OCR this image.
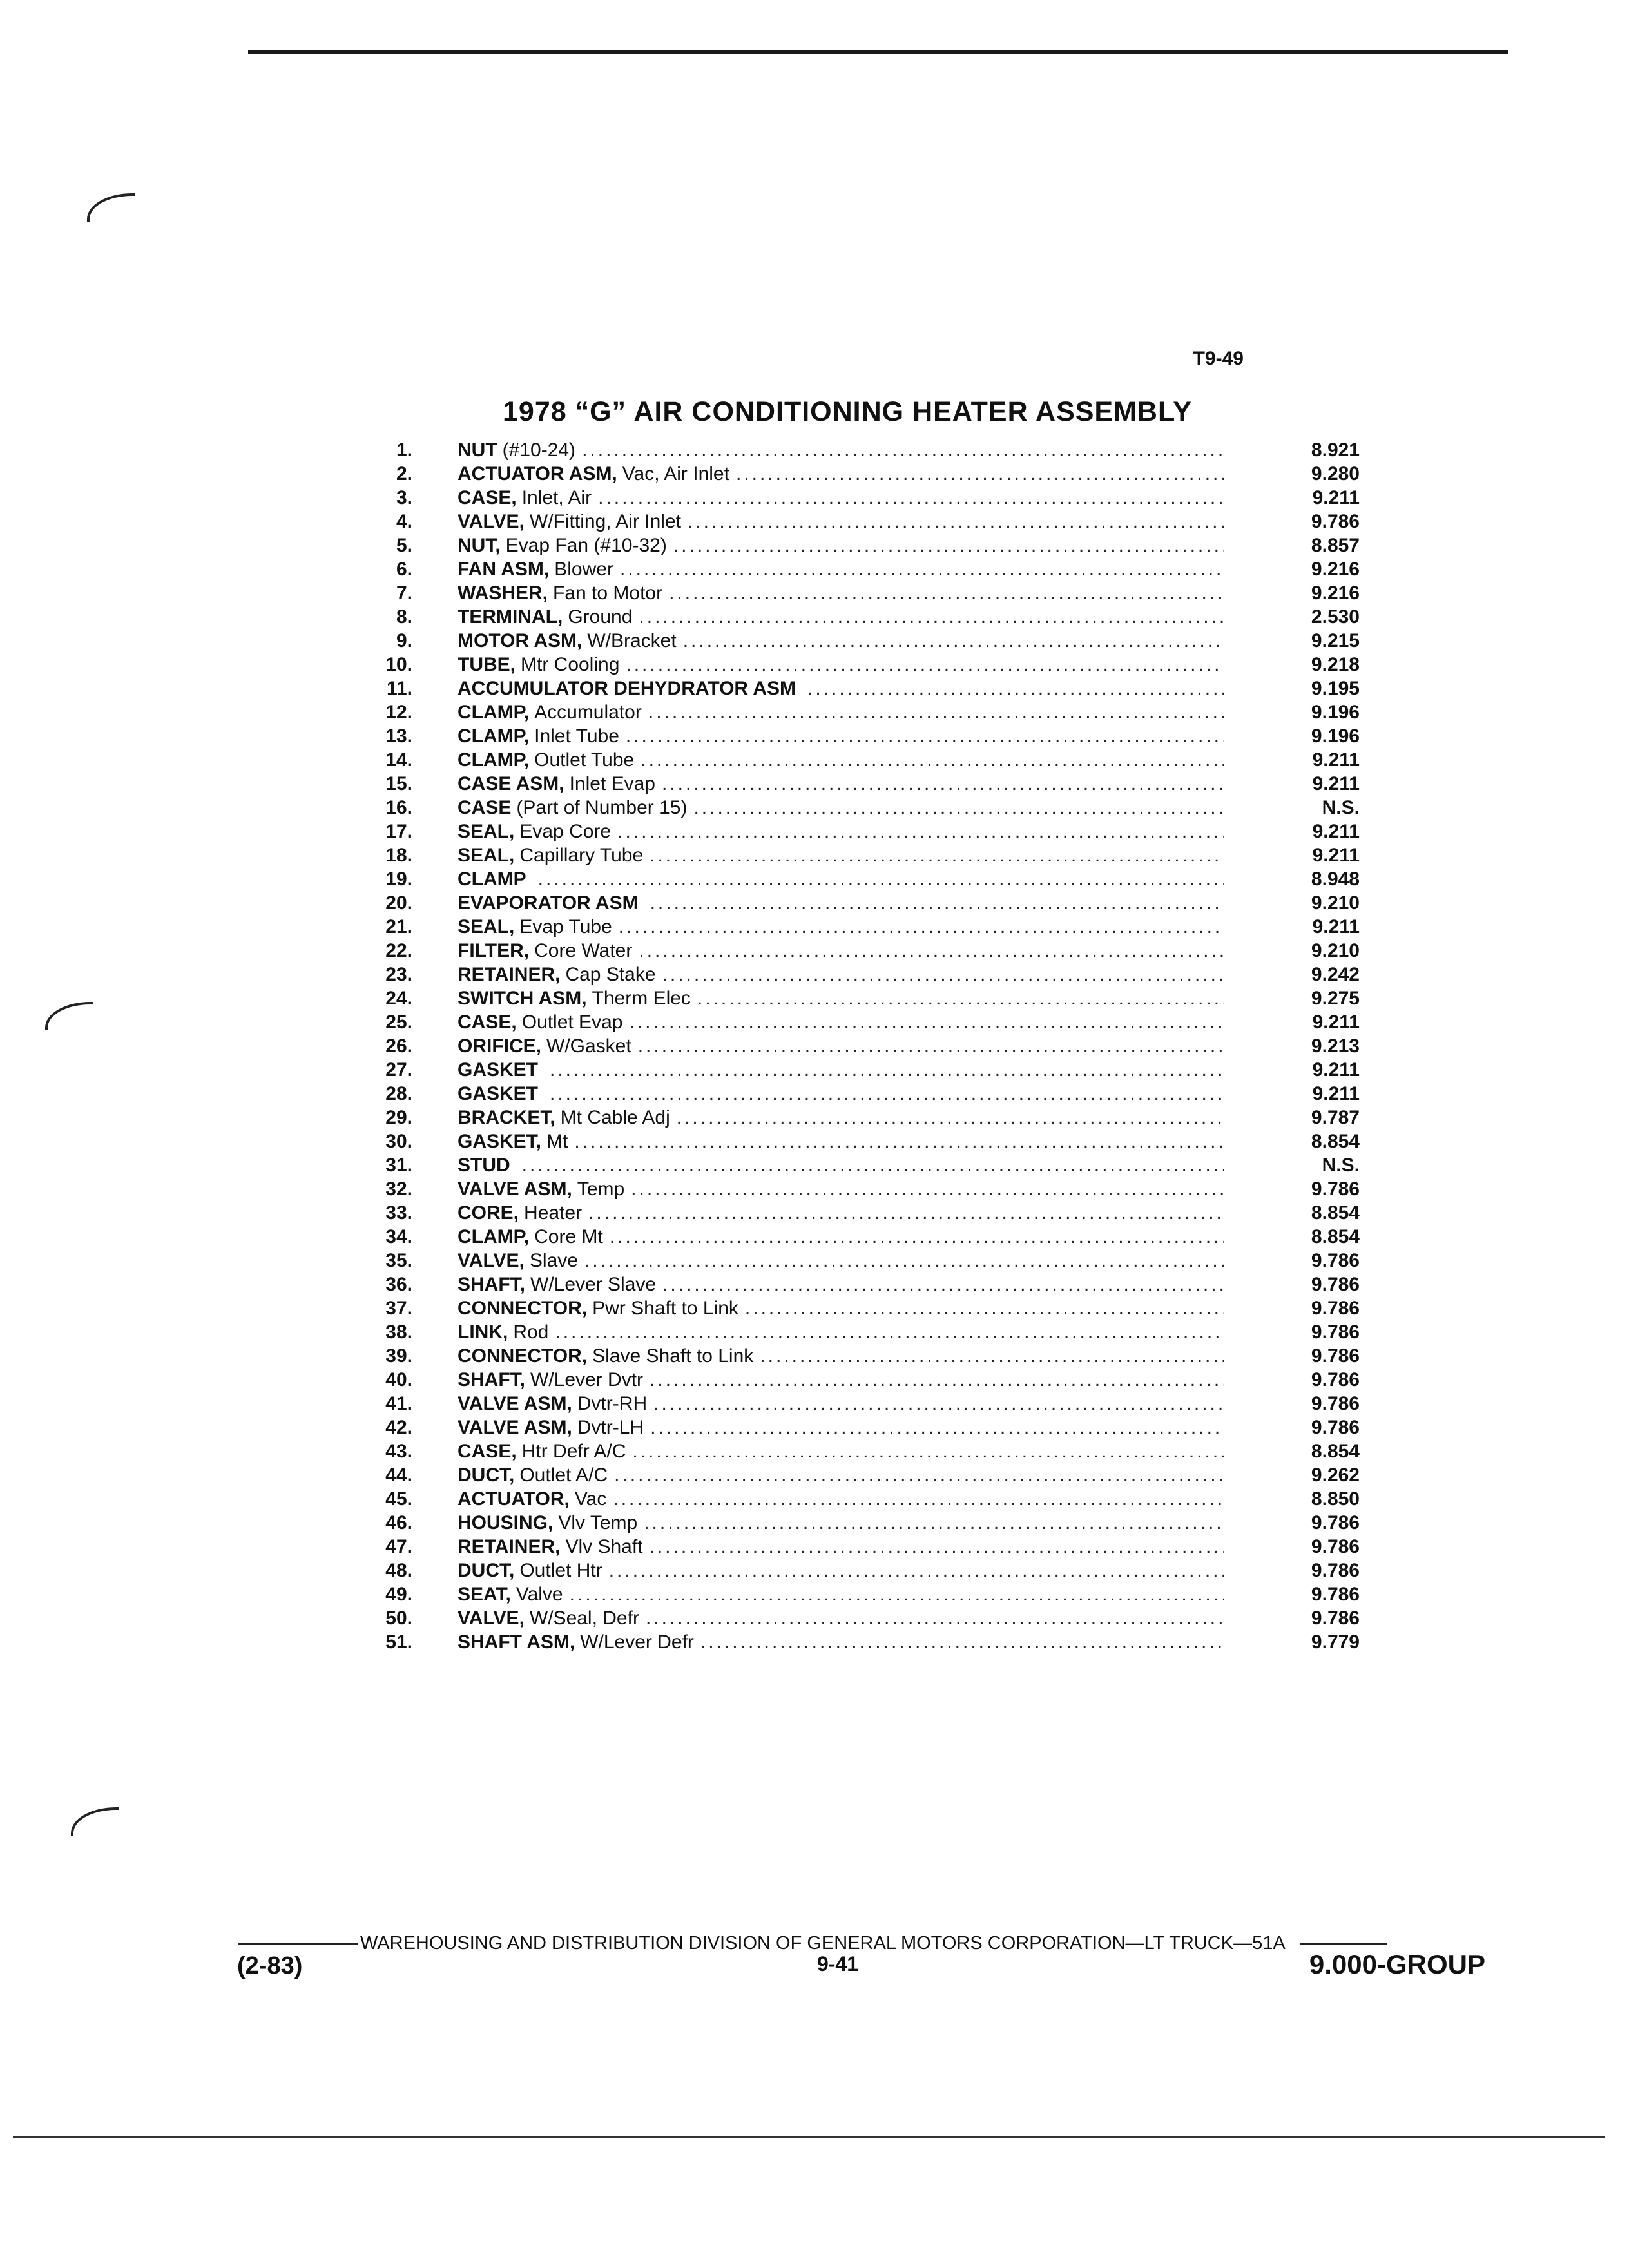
T9-49
1978 “G” AIR CONDITIONING HEATER ASSEMBLY
1. NUT (#10-24) .....	8.921
2. ACTUATOR ASM, Vac, Air Inlet .....	9.280
3. CASE, Inlet, Air .....	9.211
4. VALVE, W/Fitting, Air Inlet .....	9.786
5. NUT, Evap Fan (#10-32) .....	8.857
6. FAN ASM, Blower .....	9.216
7. WASHER, Fan to Motor .....	9.216
8. TERMINAL, Ground .....	2.530
9. MOTOR ASM, W/Bracket .....	9.215
10. TUBE, Mtr Cooling .....	9.218
11. ACCUMULATOR DEHYDRATOR ASM .....	9.195
12. CLAMP, Accumulator .....	9.196
13. CLAMP, Inlet Tube .....	9.196
14. CLAMP, Outlet Tube .....	9.211
15. CASE ASM, Inlet Evap .....	9.211
16. CASE (Part of Number 15) .....	N.S.
17. SEAL, Evap Core .....	9.211
18. SEAL, Capillary Tube .....	9.211
19. CLAMP .....	8.948
20. EVAPORATOR ASM .....	9.210
21. SEAL, Evap Tube .....	9.211
22. FILTER, Core Water .....	9.210
23. RETAINER, Cap Stake .....	9.242
24. SWITCH ASM, Therm Elec .....	9.275
25. CASE, Outlet Evap .....	9.211
26. ORIFICE, W/Gasket .....	9.213
27. GASKET .....	9.211
28. GASKET .....	9.211
29. BRACKET, Mt Cable Adj .....	9.787
30. GASKET, Mt .....	8.854
31. STUD .....	N.S.
32. VALVE ASM, Temp .....	9.786
33. CORE, Heater .....	8.854
34. CLAMP, Core Mt .....	8.854
35. VALVE, Slave .....	9.786
36. SHAFT, W/Lever Slave .....	9.786
37. CONNECTOR, Pwr Shaft to Link .....	9.786
38. LINK, Rod .....	9.786
39. CONNECTOR, Slave Shaft to Link .....	9.786
40. SHAFT, W/Lever Dvtr .....	9.786
41. VALVE ASM, Dvtr-RH .....	9.786
42. VALVE ASM, Dvtr-LH .....	9.786
43. CASE, Htr Defr A/C .....	8.854
44. DUCT, Outlet A/C .....	9.262
45. ACTUATOR, Vac .....	8.850
46. HOUSING, Vlv Temp .....	9.786
47. RETAINER, Vlv Shaft .....	9.786
48. DUCT, Outlet Htr .....	9.786
49. SEAT, Valve .....	9.786
50. VALVE, W/Seal, Defr .....	9.786
51. SHAFT ASM, W/Lever Defr .....	9.779
WAREHOUSING AND DISTRIBUTION DIVISION OF GENERAL MOTORS CORPORATION—LT TRUCK—51A
(2-83)	9-41	9.000-GROUP
